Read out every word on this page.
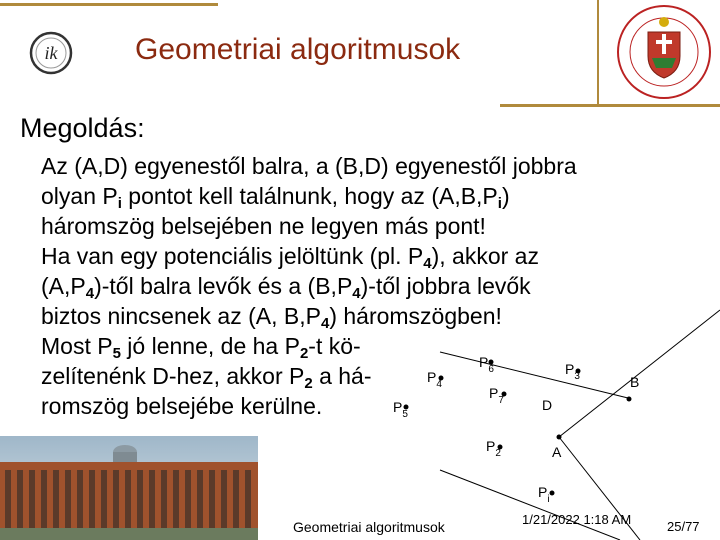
ik	Geometriai algoritmusok
Megoldás:
Az (A,D) egyenestől balra, a (B,D) egyenestől jobbra
olyan $P_i$ pontot kell találnunk, hogy az $(A,B,P_i)$
háromszög belsejében ne legyen más pont!
Ha van egy potenciális jelöltünk (pl. $P_4$), akkor az
$(A,P_4)$-től balra levők és a $(B,P_4)$-től jobbra levők
biztos nincsenek az (A, $B,P_4$) háromszögben!
Most $P_5$ jó lenne, de ha $P_2-t$ kö-
zelítenénk D-hez, akkor $P_2$ a há-
romszög belsejébe kerülne.
$P_6$	$P_3$
$P_4$
$P_7$
$P_5$
$P_2$
$P_i$
B
D
A
Geometriai algoritmusok	1/21/2022 1:18 AM	25/77
